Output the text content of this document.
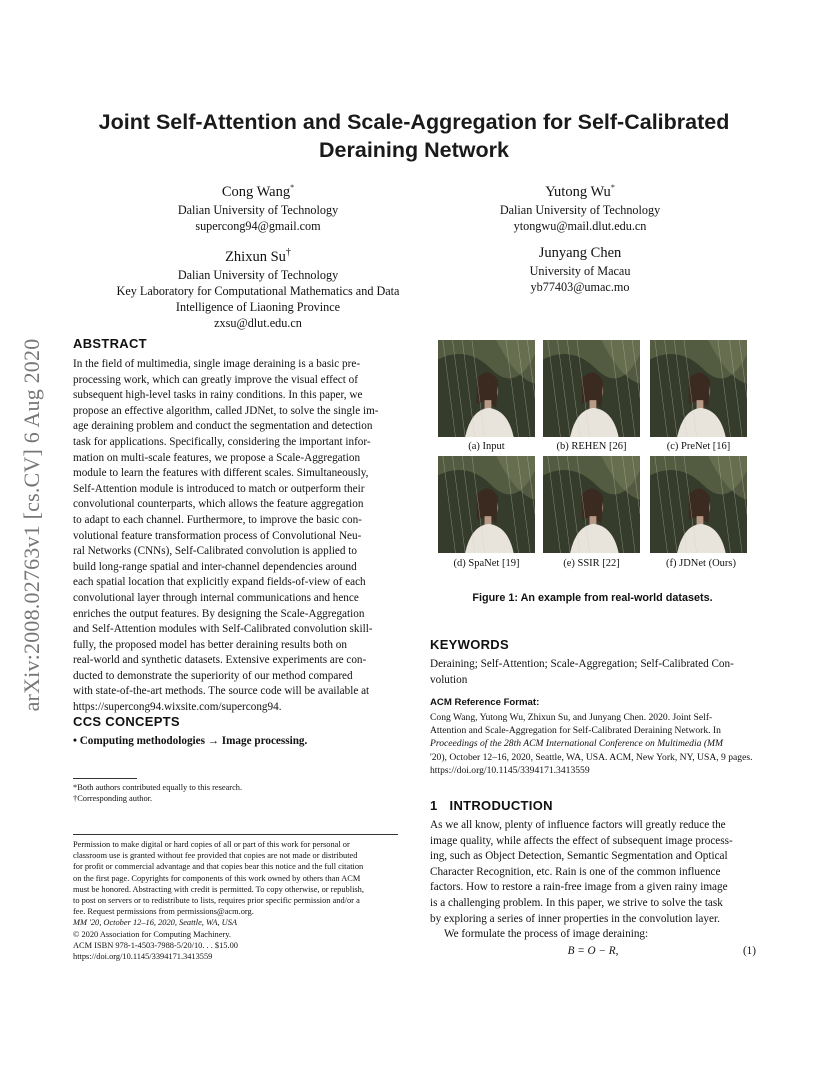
arXiv:2008.02763v1 [cs.CV] 6 Aug 2020
Joint Self-Attention and Scale-Aggregation for Self-Calibrated
Deraining Network
Cong Wang*
Dalian University of Technology
supercong94@gmail.com
Yutong Wu*
Dalian University of Technology
ytongwu@mail.dlut.edu.cn
Zhixun Su†
Dalian University of Technology
Key Laboratory for Computational Mathematics and Data
Intelligence of Liaoning Province
zxsu@dlut.edu.cn
Junyang Chen
University of Macau
yb77403@umac.mo
ABSTRACT
In the field of multimedia, single image deraining is a basic pre-
processing work, which can greatly improve the visual effect of
subsequent high-level tasks in rainy conditions. In this paper, we
propose an effective algorithm, called JDNet, to solve the single im-
age deraining problem and conduct the segmentation and detection
task for applications. Specifically, considering the important infor-
mation on multi-scale features, we propose a Scale-Aggregation
module to learn the features with different scales. Simultaneously,
Self-Attention module is introduced to match or outperform their
convolutional counterparts, which allows the feature aggregation
to adapt to each channel. Furthermore, to improve the basic con-
volutional feature transformation process of Convolutional Neu-
ral Networks (CNNs), Self-Calibrated convolution is applied to
build long-range spatial and inter-channel dependencies around
each spatial location that explicitly expand fields-of-view of each
convolutional layer through internal communications and hence
enriches the output features. By designing the Scale-Aggregation
and Self-Attention modules with Self-Calibrated convolution skill-
fully, the proposed model has better deraining results both on
real-world and synthetic datasets. Extensive experiments are con-
ducted to demonstrate the superiority of our method compared
with state-of-the-art methods. The source code will be available at
https://supercong94.wixsite.com/supercong94.
CCS CONCEPTS
• Computing methodologies → Image processing.
*Both authors contributed equally to this research.
†Corresponding author.
Permission to make digital or hard copies of all or part of this work for personal or
classroom use is granted without fee provided that copies are not made or distributed
for profit or commercial advantage and that copies bear this notice and the full citation
on the first page. Copyrights for components of this work owned by others than ACM
must be honored. Abstracting with credit is permitted. To copy otherwise, or republish,
to post on servers or to redistribute to lists, requires prior specific permission and/or a
fee. Request permissions from permissions@acm.org.
MM '20, October 12–16, 2020, Seattle, WA, USA
© 2020 Association for Computing Machinery.
ACM ISBN 978-1-4503-7988-5/20/10. . . $15.00
https://doi.org/10.1145/3394171.3413559
(a) Input	(b) REHEN [26]	(c) PreNet [16]
(d) SpaNet [19]	(e) SSIR [22]	(f) JDNet (Ours)
Figure 1: An example from real-world datasets.
KEYWORDS
Deraining; Self-Attention; Scale-Aggregation; Self-Calibrated Con-
volution
ACM Reference Format:
Cong Wang, Yutong Wu, Zhixun Su, and Junyang Chen. 2020. Joint Self-
Attention and Scale-Aggregation for Self-Calibrated Deraining Network. In
Proceedings of the 28th ACM International Conference on Multimedia (MM
'20), October 12–16, 2020, Seattle, WA, USA. ACM, New York, NY, USA, 9 pages.
https://doi.org/10.1145/3394171.3413559
1 INTRODUCTION
As we all know, plenty of influence factors will greatly reduce the
image quality, while affects the effect of subsequent image process-
ing, such as Object Detection, Semantic Segmentation and Optical
Character Recognition, etc. Rain is one of the common influence
factors. How to restore a rain-free image from a given rainy image
is a challenging problem. In this paper, we strive to solve the task
by exploring a series of inner properties in the convolution layer.
We formulate the process of image deraining:
B = O − R,	(1)
